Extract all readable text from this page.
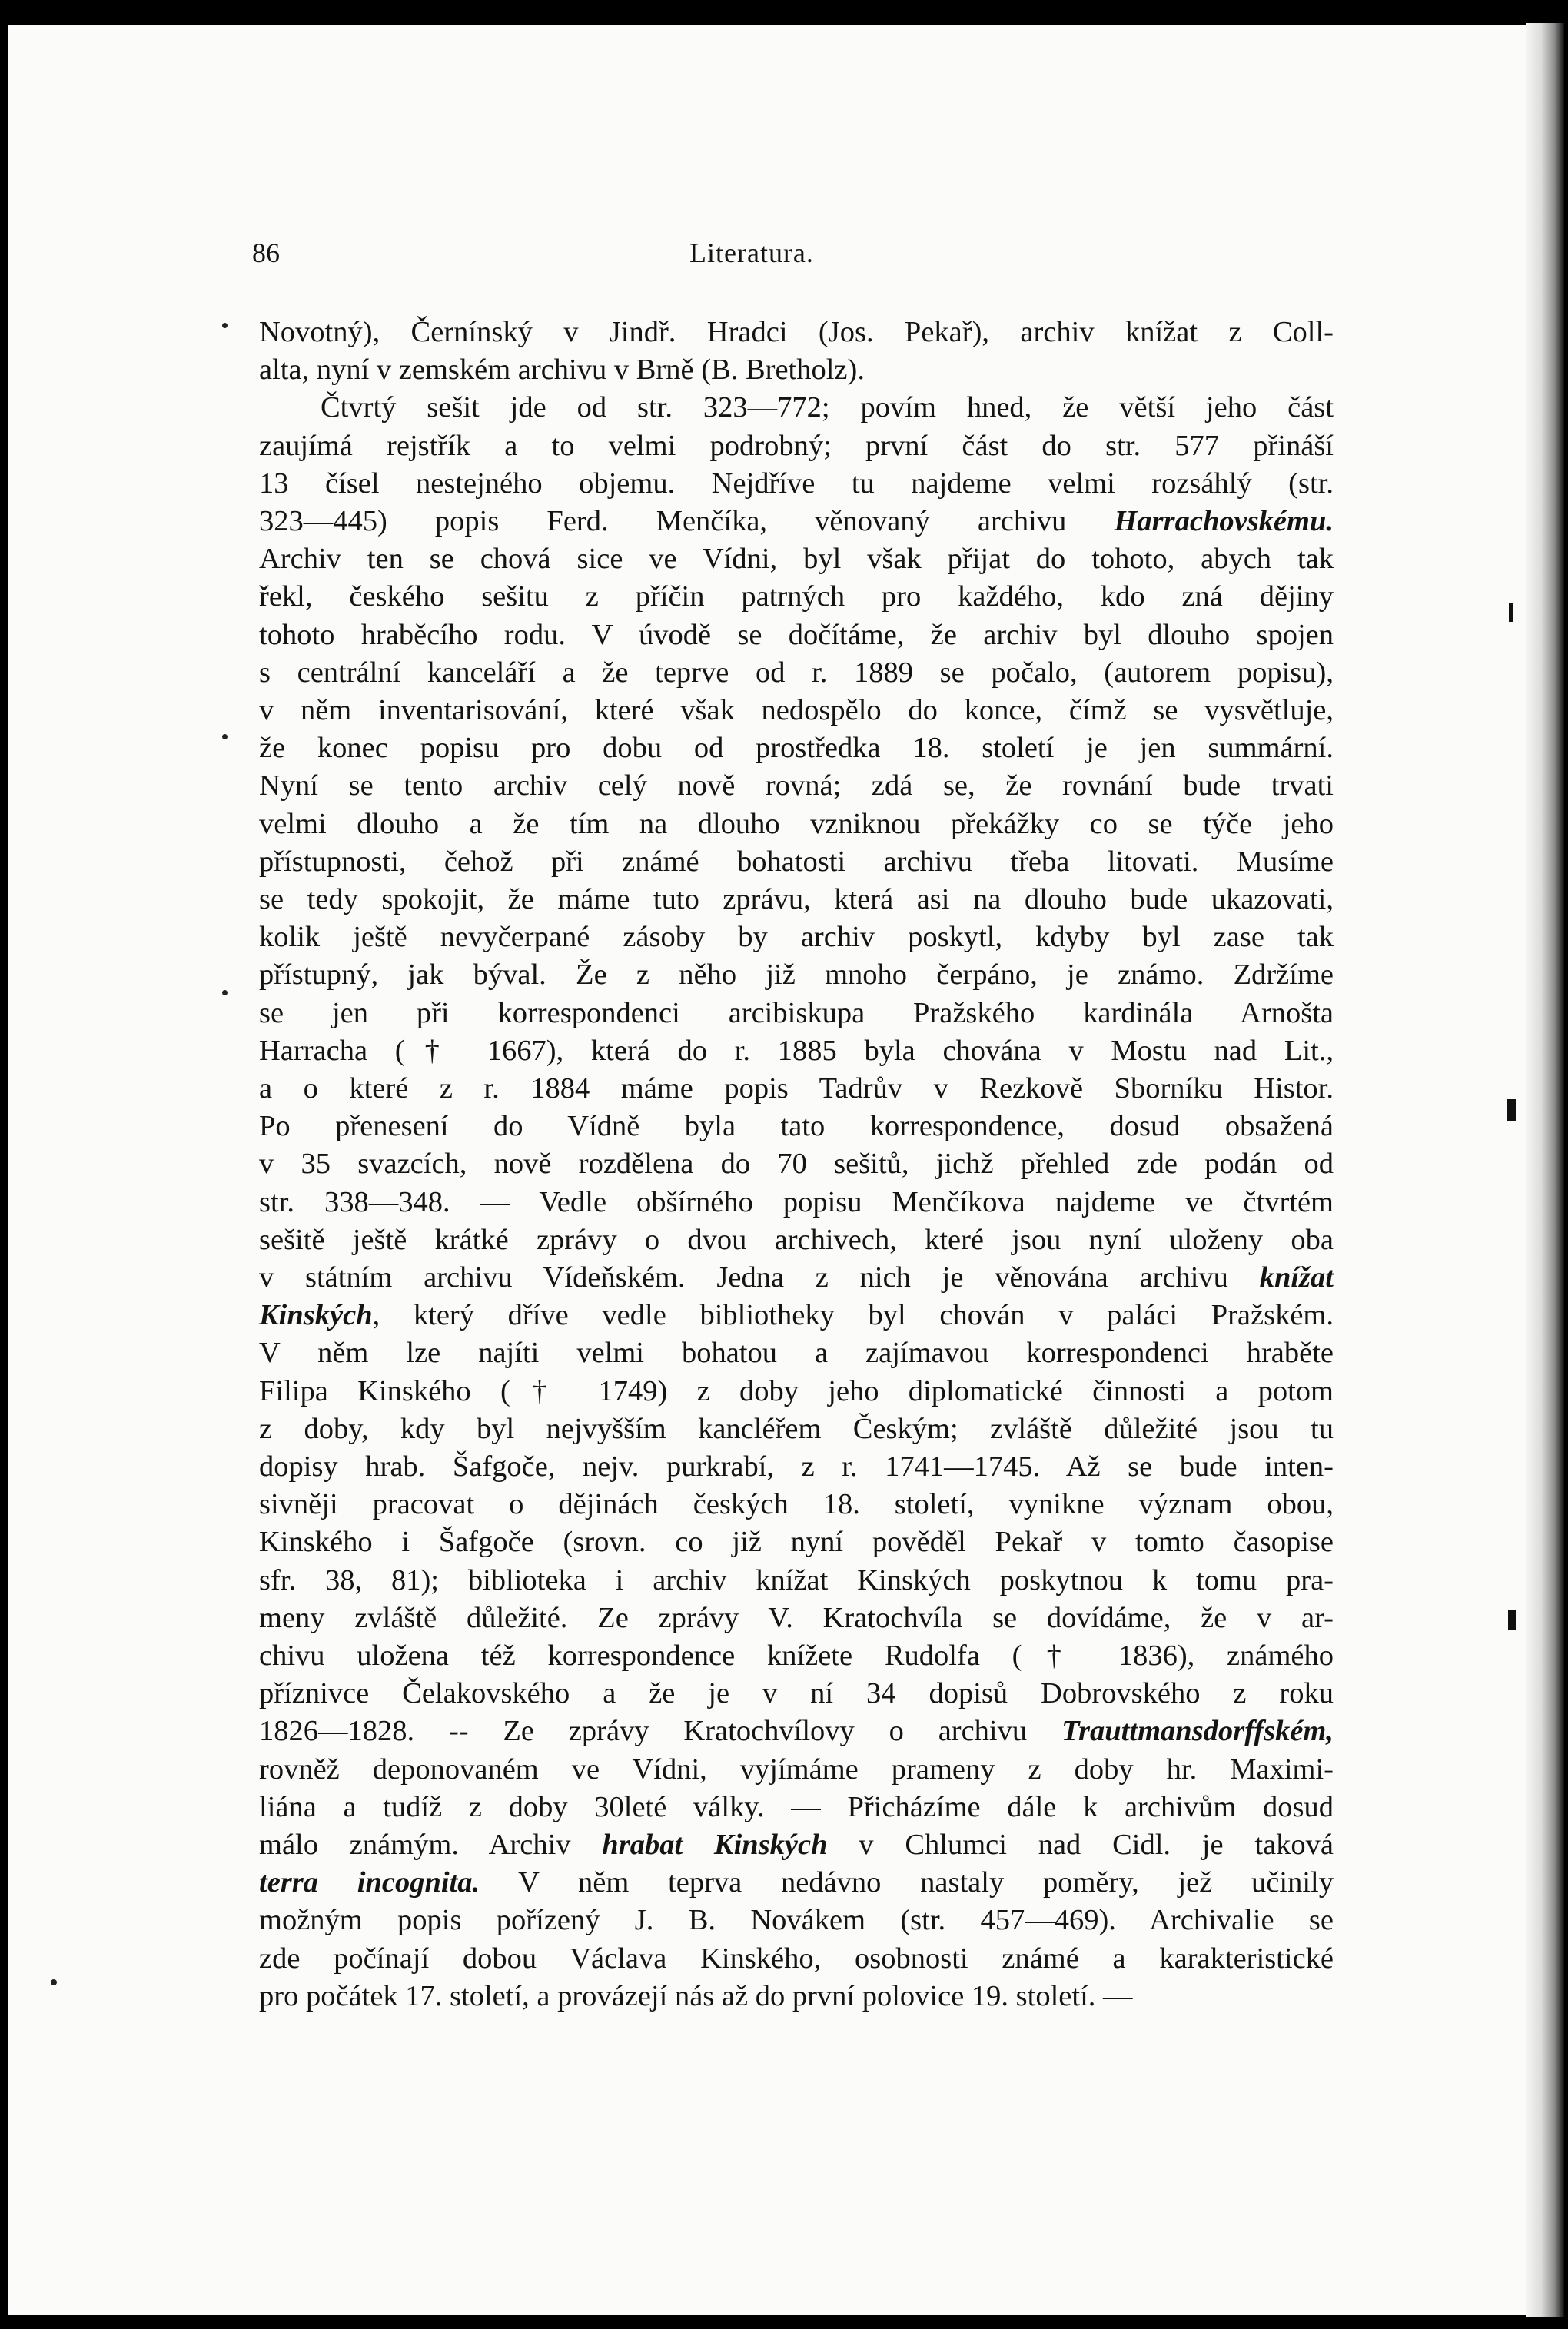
86	Literatura.

Novotný), Černínský v Jindř. Hradci (Jos. Pekař), archiv knížat z Coll-

alta, nyní v zemském archivu v Brně (B. Bretholz).

Čtvrtý sešit jde od str. 323—772; povím hned, že větší jeho část

zaujímá rejstřík a to velmi podrobný; první část do str. 577 přináší

13 čísel nestejného objemu. Nejdříve tu najdeme velmi rozsáhlý (str.

323—445) popis Ferd. Menčíka, věnovaný archivu Harrachovskému.

Archiv ten se chová sice ve Vídni, byl však přijat do tohoto, abych tak

řekl, českého sešitu z příčin patrných pro každého, kdo zná dějiny

tohoto hraběcího rodu. V úvodě se dočítáme, že archiv byl dlouho spojen

s centrální kanceláří a že teprve od r. 1889 se počalo, (autorem popisu),

v něm inventarisování, které však nedospělo do konce, čímž se vysvětluje,

že konec popisu pro dobu od prostředka 18. století je jen summární.

Nyní se tento archiv celý nově rovná; zdá se, že rovnání bude trvati

velmi dlouho a že tím na dlouho vzniknou překážky co se týče jeho

přístupnosti, čehož při známé bohatosti archivu třeba litovati. Musíme

se tedy spokojit, že máme tuto zprávu, která asi na dlouho bude ukazovati,

kolik ještě nevyčerpané zásoby by archiv poskytl, kdyby byl zase tak

přístupný, jak býval. Že z něho již mnoho čerpáno, je známo. Zdržíme

se jen při korrespondenci arcibiskupa Pražského kardinála Arnošta

Harracha († 1667), která do r. 1885 byla chována v Mostu nad Lit.,

a o které z r. 1884 máme popis Tadrův v Rezkově Sborníku Histor.

Po přenesení do Vídně byla tato korrespondence, dosud obsažená

v 35 svazcích, nově rozdělena do 70 sešitů, jichž přehled zde podán od

str. 338—348. — Vedle obšírného popisu Menčíkova najdeme ve čtvrtém

sešitě ještě krátké zprávy o dvou archivech, které jsou nyní uloženy oba

v státním archivu Vídeňském. Jedna z nich je věnována archivu knížat

Kinských, který dříve vedle bibliotheky byl chován v paláci Pražském.

V něm lze najíti velmi bohatou a zajímavou korrespondenci hraběte

Filipa Kinského († 1749) z doby jeho diplomatické činnosti a potom

z doby, kdy byl nejvyšším kancléřem Českým; zvláště důležité jsou tu

dopisy hrab. Šafgoče, nejv. purkrabí, z r. 1741—1745. Až se bude inten-

sivněji pracovat o dějinách českých 18. století, vynikne význam obou,

Kinského i Šafgoče (srovn. co již nyní pověděl Pekař v tomto časopise

sfr. 38, 81); biblioteka i archiv knížat Kinských poskytnou k tomu pra-

meny zvláště důležité. Ze zprávy V. Kratochvíla se dovídáme, že v ar-

chivu uložena též korrespondence knížete Rudolfa († 1836), známého

příznivce Čelakovského a že je v ní 34 dopisů Dobrovského z roku

1826—1828. -- Ze zprávy Kratochvílovy o archivu Trauttmansdorffském,

rovněž deponovaném ve Vídni, vyjímáme prameny z doby hr. Maximi-

liána a tudíž z doby 30leté války. — Přicházíme dále k archivům dosud

málo známým. Archiv hrabat Kinských v Chlumci nad Cidl. je taková

terra incognita. V něm teprva nedávno nastaly poměry, jež učinily

možným popis pořízený J. B. Novákem (str. 457—469). Archivalie se

zde počínají dobou Václava Kinského, osobnosti známé a karakteristické

pro počátek 17. století, a provázejí nás až do první polovice 19. století. —
